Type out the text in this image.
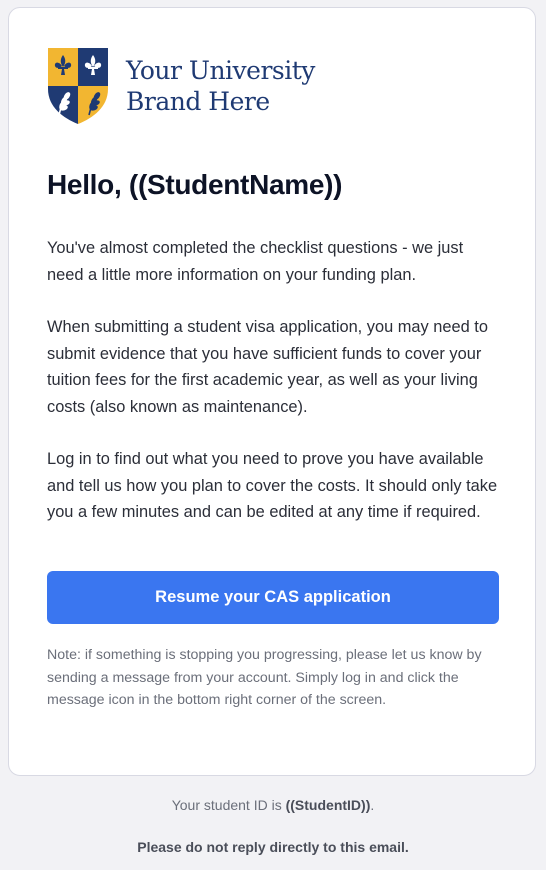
Your University
Brand Here
Hello, ((StudentName))

You've almost completed the checklist questions - we just need a little more information on your funding plan.

When submitting a student visa application, you may need to submit evidence that you have sufficient funds to cover your tuition fees for the first academic year, as well as your living costs (also known as maintenance).

Log in to find out what you need to prove you have available and tell us how you plan to cover the costs. It should only take you a few minutes and can be edited at any time if required.

Resume your CAS application

Note: if something is stopping you progressing, please let us know by sending a message from your account. Simply log in and click the message icon in the bottom right corner of the screen.

Your student ID is ((StudentID)).
Please do not reply directly to this email.
